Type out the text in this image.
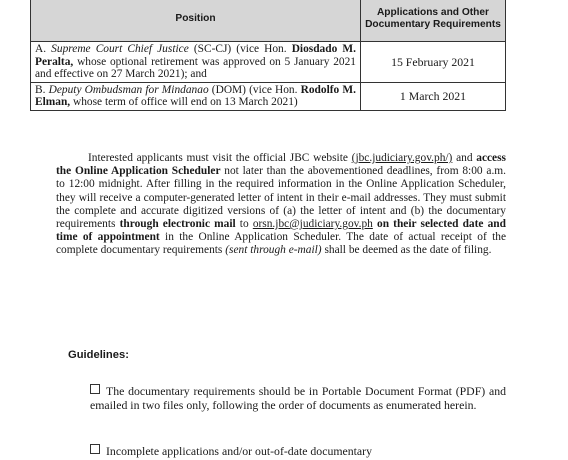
Position	Applications and Other Documentary Requirements
A. Supreme Court Chief Justice (SC-CJ) (vice Hon. Diosdado M. Peralta, whose optional retirement was approved on 5 January 2021 and effective on 27 March 2021); and	15 February 2021
B. Deputy Ombudsman for Mindanao (DOM) (vice Hon. Rodolfo M. Elman, whose term of office will end on 13 March 2021)	1 March 2021
Interested applicants must visit the official JBC website (jbc.judiciary.gov.ph/) and access the Online Application Scheduler not later than the abovementioned deadlines, from 8:00 a.m. to 12:00 midnight. After filling in the required information in the Online Application Scheduler, they will receive a computer-generated letter of intent in their e-mail addresses. They must submit the complete and accurate digitized versions of (a) the letter of intent and (b) the documentary requirements through electronic mail to orsn.jbc@judiciary.gov.ph on their selected date and time of appointment in the Online Application Scheduler. The date of actual receipt of the complete documentary requirements (sent through e-mail) shall be deemed as the date of filing.
Guidelines:
The documentary requirements should be in Portable Document Format (PDF) and emailed in two files only, following the order of documents as enumerated herein.
Incomplete applications and/or out-of-date documentary
